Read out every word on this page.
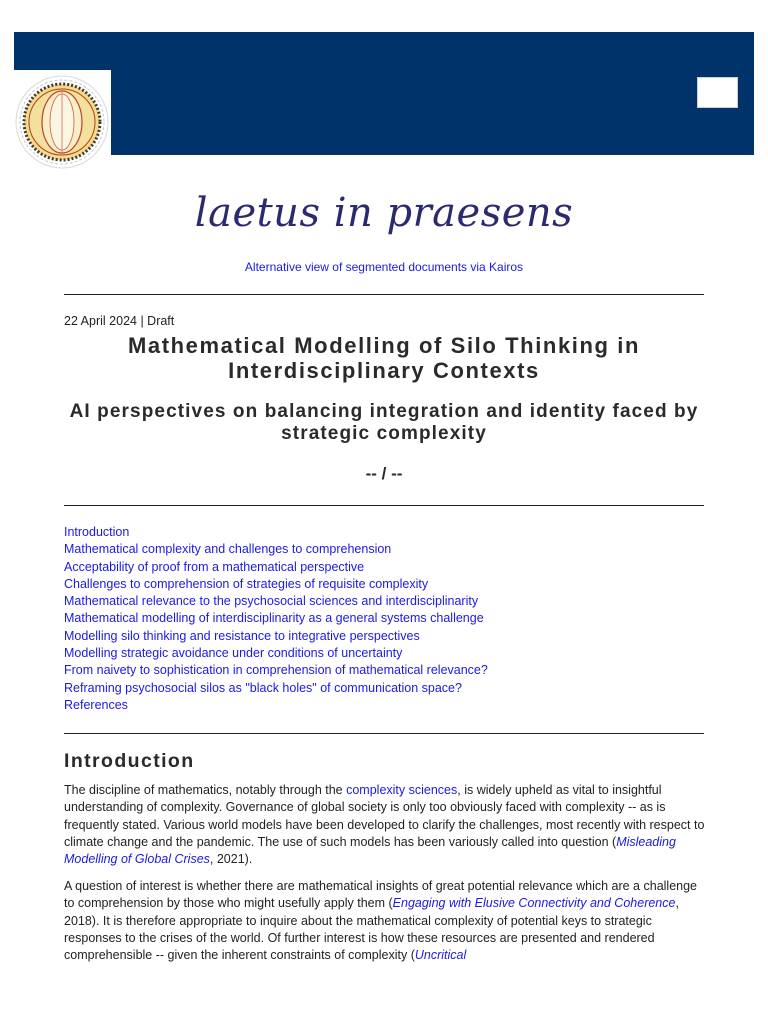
laetus in praesens
Alternative view of segmented documents via Kairos
22 April 2024 | Draft
Mathematical Modelling of Silo Thinking in Interdisciplinary Contexts
AI perspectives on balancing integration and identity faced by strategic complexity
-- / --
Introduction
Mathematical complexity and challenges to comprehension
Acceptability of proof from a mathematical perspective
Challenges to comprehension of strategies of requisite complexity
Mathematical relevance to the psychosocial sciences and interdisciplinarity
Mathematical modelling of interdisciplinarity as a general systems challenge
Modelling silo thinking and resistance to integrative perspectives
Modelling strategic avoidance under conditions of uncertainty
From naivety to sophistication in comprehension of mathematical relevance?
Reframing psychosocial silos as "black holes" of communication space?
References
Introduction

The discipline of mathematics, notably through the complexity sciences, is widely upheld as vital to insightful understanding of complexity. Governance of global society is only too obviously faced with complexity -- as is frequently stated. Various world models have been developed to clarify the challenges, most recently with respect to climate change and the pandemic. The use of such models has been variously called into question (Misleading Modelling of Global Crises, 2021).

A question of interest is whether there are mathematical insights of great potential relevance which are a challenge to comprehension by those who might usefully apply them (Engaging with Elusive Connectivity and Coherence, 2018). It is therefore appropriate to inquire about the mathematical complexity of potential keys to strategic responses to the crises of the world. Of further interest is how these resources are presented and rendered comprehensible -- given the inherent constraints of complexity (Uncritical
